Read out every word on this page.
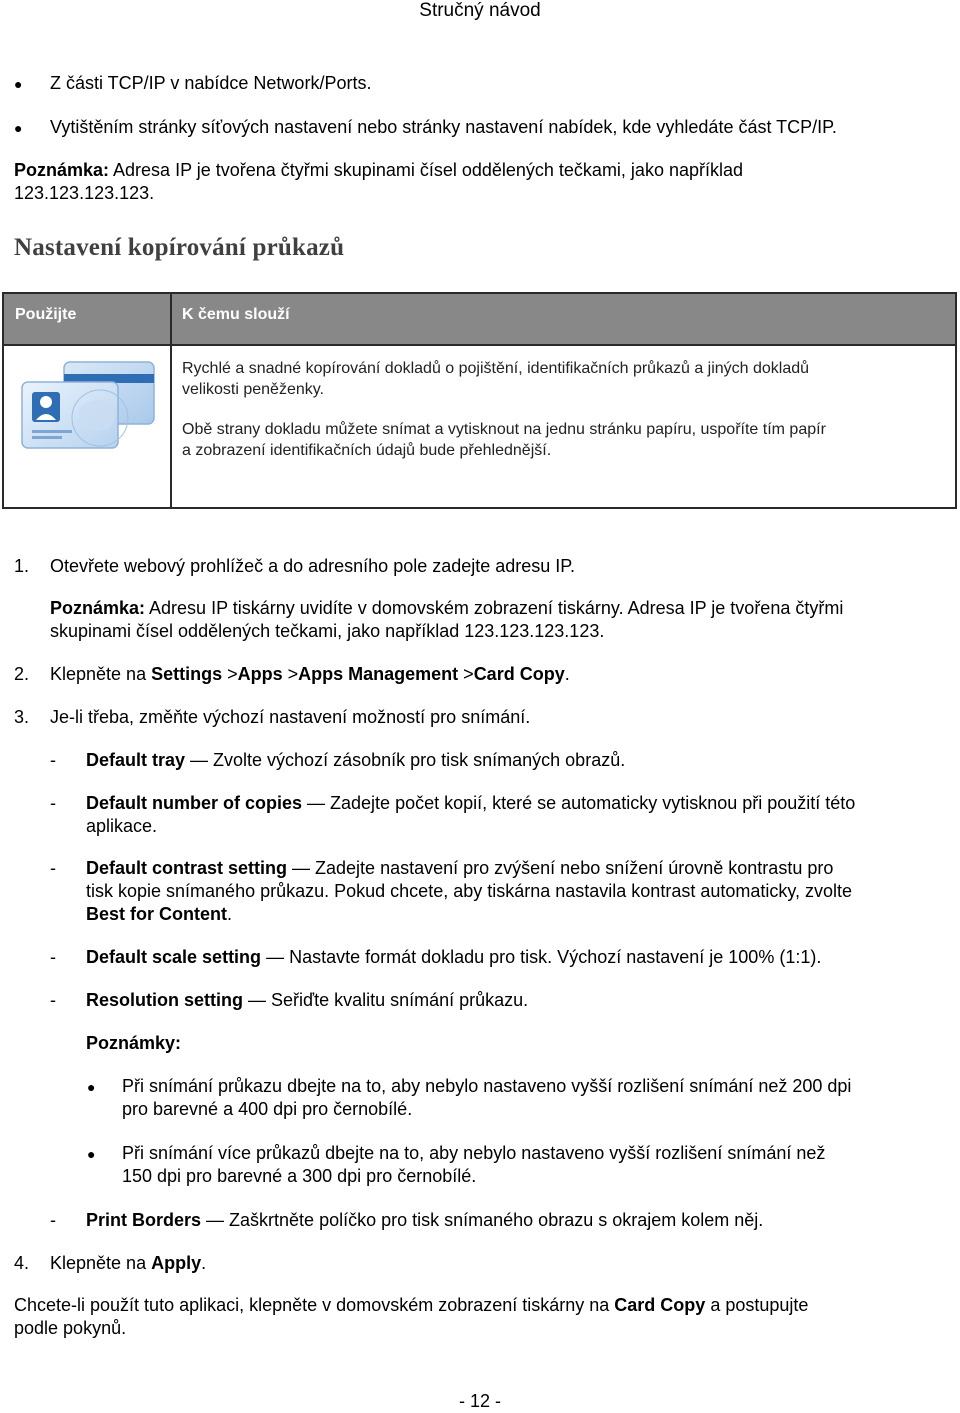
Stručný návod
● Z části TCP/IP v nabídce Network/Ports.
● Vytištěním stránky síťových nastavení nebo stránky nastavení nabídek, kde vyhledáte část TCP/IP.
Poznámka: Adresa IP je tvořena čtyřmi skupinami čísel oddělených tečkami, jako například
123.123.123.123.
Nastavení kopírování průkazů
Použijte	K čemu slouží
Rychlé a snadné kopírování dokladů o pojištění, identifikačních průkazů a jiných dokladů
velikosti peněženky.
Obě strany dokladu můžete snímat a vytisknout na jednu stránku papíru, uspoříte tím papír
a zobrazení identifikačních údajů bude přehlednější.
1. Otevřete webový prohlížeč a do adresního pole zadejte adresu IP.
Poznámka: Adresu IP tiskárny uvidíte v domovském zobrazení tiskárny. Adresa IP je tvořena čtyřmi
skupinami čísel oddělených tečkami, jako například 123.123.123.123.
2. Klepněte na Settings >Apps >Apps Management >Card Copy.
3. Je-li třeba, změňte výchozí nastavení možností pro snímání.
- Default tray — Zvolte výchozí zásobník pro tisk snímaných obrazů.
- Default number of copies — Zadejte počet kopií, které se automaticky vytisknou při použití této
aplikace.
- Default contrast setting — Zadejte nastavení pro zvýšení nebo snížení úrovně kontrastu pro
tisk kopie snímaného průkazu. Pokud chcete, aby tiskárna nastavila kontrast automaticky, zvolte
Best for Content.
- Default scale setting — Nastavte formát dokladu pro tisk. Výchozí nastavení je 100% (1:1).
- Resolution setting — Seřiďte kvalitu snímání průkazu.
Poznámky:
● Při snímání průkazu dbejte na to, aby nebylo nastaveno vyšší rozlišení snímání než 200 dpi
pro barevné a 400 dpi pro černobílé.
● Při snímání více průkazů dbejte na to, aby nebylo nastaveno vyšší rozlišení snímání než
150 dpi pro barevné a 300 dpi pro černobílé.
- Print Borders — Zaškrtněte políčko pro tisk snímaného obrazu s okrajem kolem něj.
4. Klepněte na Apply.
Chcete-li použít tuto aplikaci, klepněte v domovském zobrazení tiskárny na Card Copy a postupujte
podle pokynů.
- 12 -
